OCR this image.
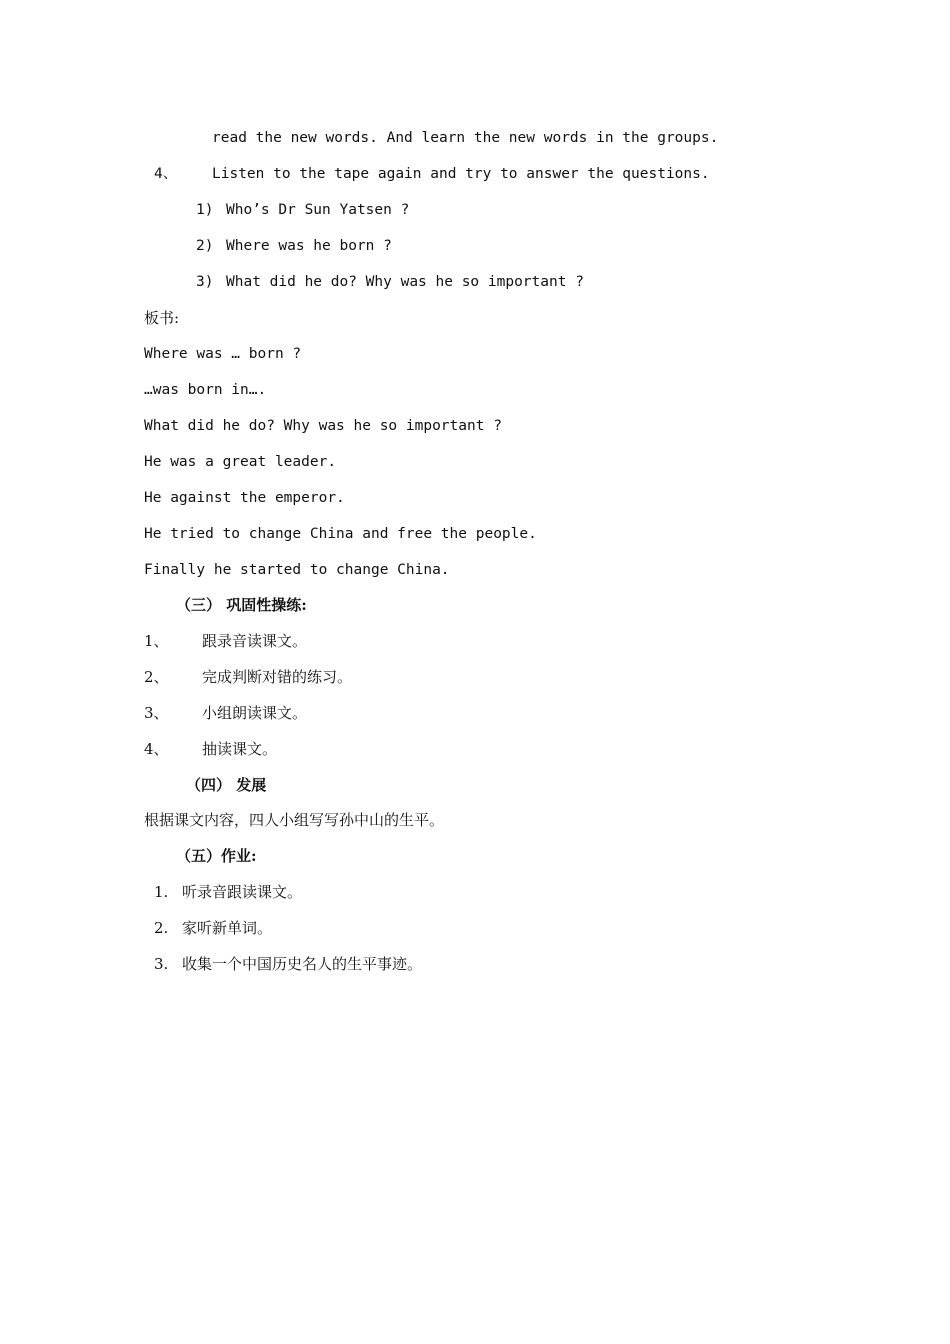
read the new words. And learn the new words in the groups.
4、 Listen to the tape again and try to answer the questions.
1) Who’s Dr Sun Yatsen ?
2) Where was he born ?
3) What did he do? Why was he so important ?
板书:
Where was … born ?
…was born in….
What did he do? Why was he so important ?
He was a great leader.
He against the emperor.
He tried to change China and free the people.
Finally he started to change China.
（三） 巩固性操练:
1、 跟录音读课文。
2、 完成判断对错的练习。
3、 小组朗读课文。
4、 抽读课文。
（四） 发展
根据课文内容，四人小组写写孙中山的生平。
（五）作业:
1. 听录音跟读课文。
2. 家听新单词。
3. 收集一个中国历史名人的生平事迹。
